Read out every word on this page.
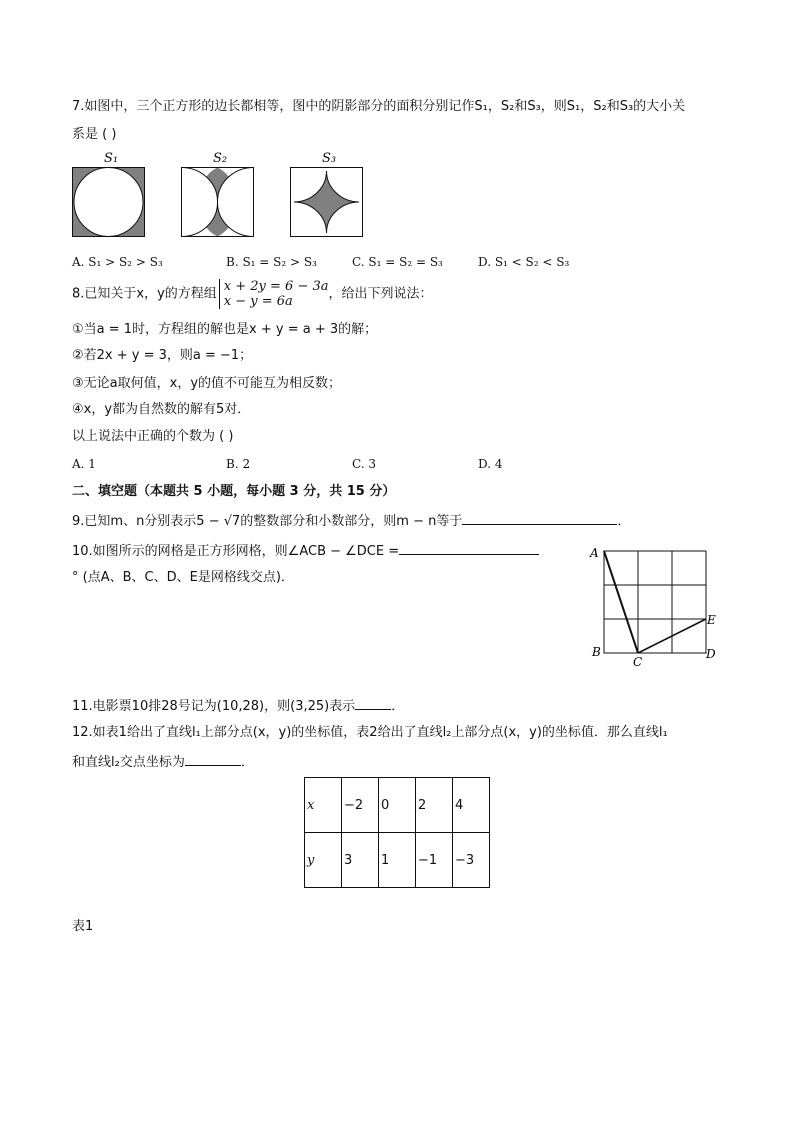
7.如图中，三个正方形的边长都相等，图中的阴影部分的面积分别记作S₁，S₂和S₃，则S₁，S₂和S₃的大小关
系是 ( )
S₁	S₂	S₃
A. S₁ > S₂ > S₃	B. S₁ = S₂ > S₃	C. S₁ = S₂ = S₃	D. S₁ < S₂ < S₃
8.已知关于x，y的方程组 x + 2y = 6 − 3a
x − y = 6a	，给出下列说法：
①当a = 1时，方程组的解也是x + y = a + 3的解；
②若2x + y = 3，则a = −1；
③无论a取何值，x，y的值不可能互为相反数；
④x，y都为自然数的解有5对．
以上说法中正确的个数为 ( )
A. 1	B. 2	C. 3	D. 4
二、填空题（本题共 5 小题，每小题 3 分，共 15 分）
9.已知m、n分别表示5 − √7的整数部分和小数部分，则m − n等于	．
10.如图所示的网格是正方形网格，则∠ACB − ∠DCE =
° (点A、B、C、D、E是网格线交点)．
A
B
C
D
E
11.电影票10排28号记为(10,28)，则(3,25)表示	．
12.如表1给出了直线l₁上部分点(x，y)的坐标值，表2给出了直线l₂上部分点(x，y)的坐标值．那么直线l₁
和直线l₂交点坐标为	．
x	−2	0	2	4
y	3	1	−1	−3
表1
